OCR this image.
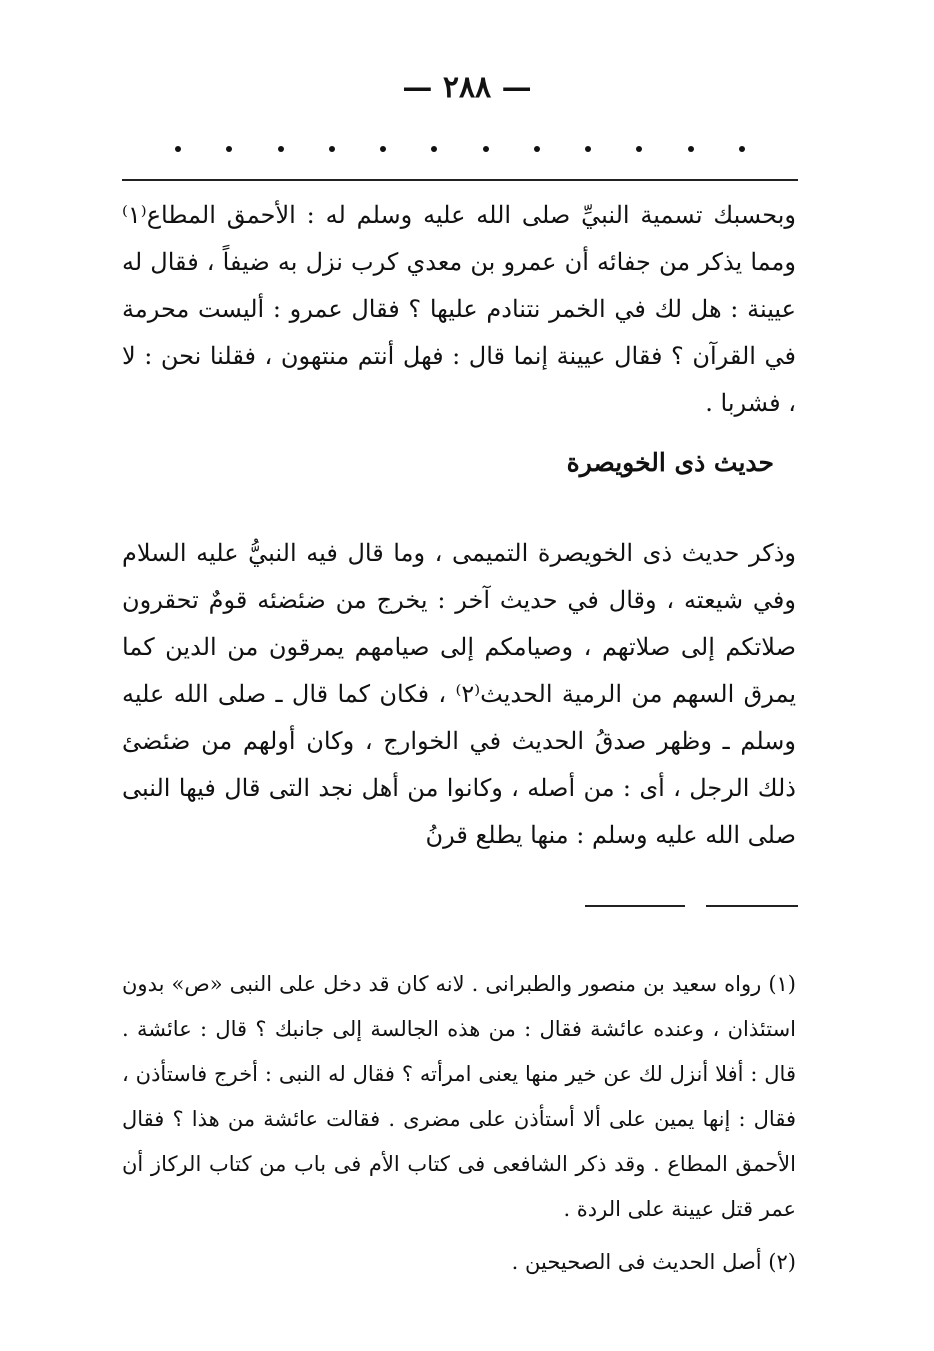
— ٢٨٨ —
وبحسبك تسمية النبيِّ صلى الله عليه وسلم له : الأحمق المطاع⁽١⁾ ومما يذكر من جفائه أن عمرو بن معدي كرب نزل به ضيفاً ، فقال له عيينة : هل لك في الخمر نتنادم عليها ؟ فقال عمرو : أليست محرمة في القرآن ؟ فقال عيينة إنما قال : فهل أنتم منتهون ، فقلنا نحن : لا ، فشربا .
حديث ذى الخويصرة
وذكر حديث ذى الخويصرة التميمى ، وما قال فيه النبيُّ عليه السلام وفي شيعته ، وقال في حديث آخر : يخرج من ضئضئه قومٌ تحقرون صلاتكم إلى صلاتهم ، وصيامكم إلى صيامهم يمرقون من الدين كما يمرق السهم من الرمية الحديث⁽٢⁾ ، فكان كما قال ـ صلى الله عليه وسلم ـ وظهر صدقُ الحديث في الخوارج ، وكان أولهم من ضئضئ ذلك الرجل ، أى : من أصله ، وكانوا من أهل نجد التى قال فيها النبى صلى الله عليه وسلم : منها يطلع قرنُ
(١) رواه سعيد بن منصور والطبرانى . لانه كان قد دخل على النبى «ص» بدون استئذان ، وعنده عائشة فقال : من هذه الجالسة إلى جانبك ؟ قال : عائشة . قال : أفلا أنزل لك عن خير منها يعنى امرأته ؟ فقال له النبى : أخرج فاستأذن ، فقال : إنها يمين على ألا أستأذن على مضرى . فقالت عائشة من هذا ؟ فقال الأحمق المطاع . وقد ذكر الشافعى فى كتاب الأم فى باب من كتاب الركاز أن عمر قتل عيينة على الردة .
(٢) أصل الحديث فى الصحيحين .
